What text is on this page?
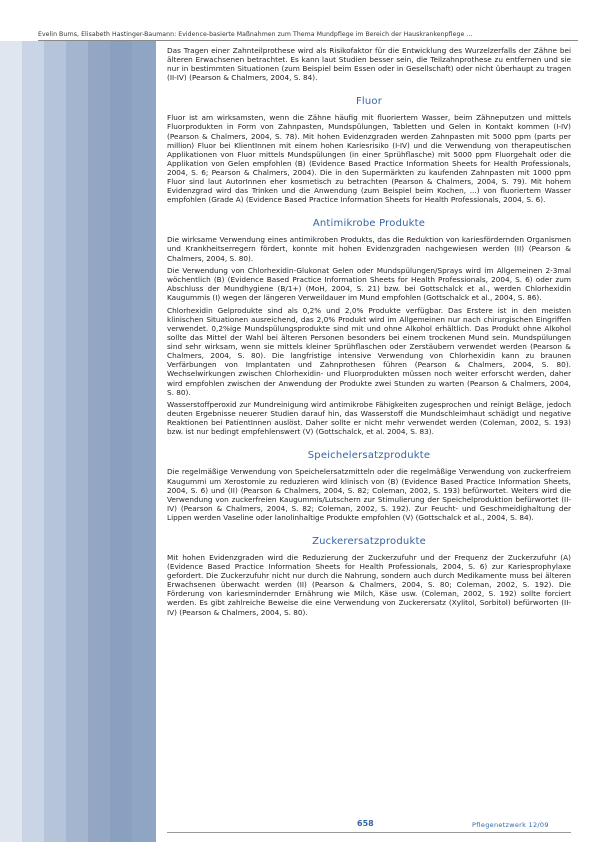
Evelin Burns, Elisabeth Hastinger-Baumann: Evidence-basierte Maßnahmen zum Thema Mundpflege im Bereich der Hauskrankenpflege ...

Das Tragen einer Zahnteilprothese wird als Risikofaktor für die Entwicklung des Wurzelzerfalls der Zähne bei älteren Erwachsenen betrachtet. Es kann laut Studien besser sein, die Teilzahnprothese zu entfernen und sie nur in bestimmten Situationen (zum Beispiel beim Essen oder in Gesellschaft) oder nicht überhaupt zu tragen (II-IV) (Pearson & Chalmers, 2004, S. 84).

Fluor

Fluor ist am wirksamsten, wenn die Zähne häufig mit fluoriertem Wasser, beim Zähneputzen und mittels Fluorprodukten in Form von Zahnpasten, Mundspülungen, Tabletten und Gelen in Kontakt kommen (I-IV) (Pearson & Chalmers, 2004, S. 78). Mit hohen Evidenzgraden werden Zahnpasten mit 5000 ppm (parts per million) Fluor bei KlientInnen mit einem hohen Kariesrisiko (I-IV) und die Verwendung von therapeutischen Applikationen von Fluor mittels Mundspülungen (in einer Sprühflasche) mit 5000 ppm Fluorgehalt oder die Applikation von Gelen empfohlen (B) (Evidence Based Practice Information Sheets for Health Professionals, 2004, S. 6; Pearson & Chalmers, 2004). Die in den Supermärkten zu kaufenden Zahnpasten mit 1000 ppm Fluor sind laut AutorInnen eher kosmetisch zu betrachten (Pearson & Chalmers, 2004, S. 79). Mit hohem Evidenzgrad wird das Trinken und die Anwendung (zum Beispiel beim Kochen, ...) von fluoriertem Wasser empfohlen (Grade A) (Evidence Based Practice Information Sheets for Health Professionals, 2004, S. 6).

Antimikrobe Produkte

Die wirksame Verwendung eines antimikroben Produkts, das die Reduktion von kariesfördernden Organismen und Krankheitserregern fördert, konnte mit hohen Evidenzgraden nachgewiesen werden (II) (Pearson & Chalmers, 2004, S. 80).

Die Verwendung von Chlorhexidin-Glukonat Gelen oder Mundspülungen/Sprays wird im Allgemeinen 2-3mal wöchentlich (B) (Evidence Based Practice Information Sheets for Health Professionals, 2004, S. 6) oder zum Abschluss der Mundhygiene (B/1+) (MoH, 2004, S. 21) bzw. bei Gottschalck et al., werden Chlorhexidin Kaugummis (I) wegen der längeren Verweildauer im Mund empfohlen (Gottschalck et al., 2004, S. 86).

Chlorhexidin Gelprodukte sind als 0,2% und 2,0% Produkte verfügbar. Das Erstere ist in den meisten klinischen Situationen ausreichend, das 2,0% Produkt wird im Allgemeinen nur nach chirurgischen Eingriffen verwendet. 0,2%ige Mundspülungsprodukte sind mit und ohne Alkohol erhältlich. Das Produkt ohne Alkohol sollte das Mittel der Wahl bei älteren Personen besonders bei einem trockenen Mund sein. Mundspülungen sind sehr wirksam, wenn sie mittels kleiner Sprühflaschen oder Zerstäubern verwendet werden (Pearson & Chalmers, 2004, S. 80). Die langfristige intensive Verwendung von Chlorhexidin kann zu braunen Verfärbungen von Implantaten und Zahnprothesen führen (Pearson & Chalmers, 2004, S. 80). Wechselwirkungen zwischen Chlorhexidin- und Fluorprodukten müssen noch weiter erforscht werden, daher wird empfohlen zwischen der Anwendung der Produkte zwei Stunden zu warten (Pearson & Chalmers, 2004, S. 80).

Wasserstoffperoxid zur Mundreinigung wird antimikrobe Fähigkeiten zugesprochen und reinigt Beläge, jedoch deuten Ergebnisse neuerer Studien darauf hin, das Wasserstoff die Mundschleimhaut schädigt und negative Reaktionen bei PatientInnen auslöst. Daher sollte er nicht mehr verwendet werden (Coleman, 2002, S. 193) bzw. ist nur bedingt empfehlenswert (V) (Gottschalck, et al. 2004, S. 83).

Speichelersatzprodukte

Die regelmäßige Verwendung von Speichelersatzmitteln oder die regelmäßige Verwendung von zuckerfreiem Kaugummi um Xerostomie zu reduzieren wird klinisch von (B) (Evidence Based Practice Information Sheets, 2004, S. 6) und (II) (Pearson & Chalmers, 2004, S. 82; Coleman, 2002, S. 193) befürwortet. Weiters wird die Verwendung von zuckerfreien Kaugummis/Lutschern zur Stimulierung der Speichelproduktion befürwortet (II-IV) (Pearson & Chalmers, 2004, S. 82; Coleman, 2002, S. 192). Zur Feucht- und Geschmeidighaltung der Lippen werden Vaseline oder lanolinhaltige Produkte empfohlen (V) (Gottschalck et al., 2004, S. 84).

Zuckerersatzprodukte

Mit hohen Evidenzgraden wird die Reduzierung der Zuckerzufuhr und der Frequenz der Zuckerzufuhr (A) (Evidence Based Practice Information Sheets for Health Professionals, 2004, S. 6) zur Kariesprophylaxe gefordert. Die Zuckerzufuhr nicht nur durch die Nahrung, sondern auch durch Medikamente muss bei älteren Erwachsenen überwacht werden (II) (Pearson & Chalmers, 2004, S. 80; Coleman, 2002, S. 192). Die Förderung von kariesmindernder Ernährung wie Milch, Käse usw. (Coleman, 2002, S. 192) sollte forciert werden. Es gibt zahlreiche Beweise die eine Verwendung von Zuckerersatz (Xylitol, Sorbitol) befürworten (II-IV) (Pearson & Chalmers, 2004, S. 80).

658	Pflegenetzwerk 12/09
